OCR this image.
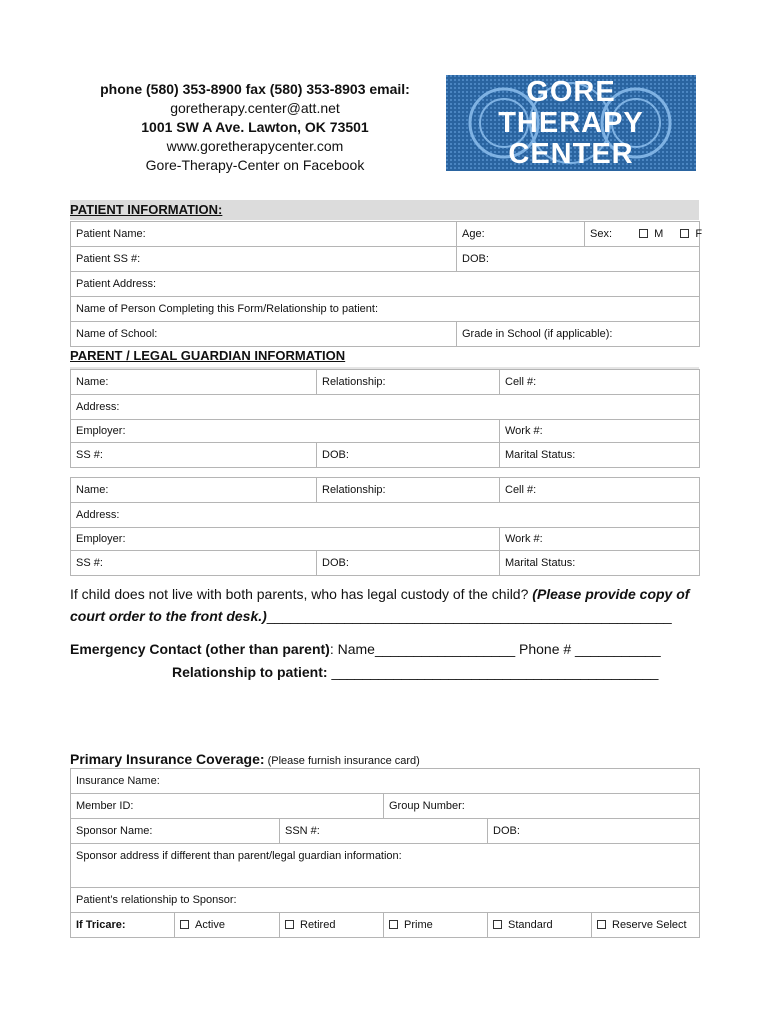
phone (580) 353-8900 fax (580) 353-8903 email:
goretherapy.center@att.net
1001 SW A Ave. Lawton, OK 73501
www.goretherapycenter.com
Gore-Therapy-Center on Facebook
GORE
THERAPY
CENTER
PATIENT INFORMATION:
Patient Name:	Age:	Sex: M F
Patient SS #:	DOB:	
Patient Address:		
Name of Person Completing this Form/Relationship to patient:		
Name of School:	Grade in School (if applicable):	
PARENT / LEGAL GUARDIAN INFORMATION
Name:	Relationship:	Cell #:
Address:		
Employer:		Work #:
SS #:	DOB:	Marital Status:
Name:	Relationship:	Cell #:
Address:		
Employer:		Work #:
SS #:	DOB:	Marital Status:
If child does not live with both parents, who has legal custody of the child? (Please provide copy of
court order to the front desk.)____________________________________________________
Emergency Contact (other than parent): Name__________________ Phone # ___________
Relationship to patient: __________________________________________
Primary Insurance Coverage: (Please furnish insurance card)
Insurance Name:					
Member ID:			Group Number:		
Sponsor Name:		SSN #:		DOB:	
Sponsor address if different than parent/legal guardian information:					
Patient’s relationship to Sponsor:					
If Tricare:	Active	Retired	Prime	Standard	Reserve Select
